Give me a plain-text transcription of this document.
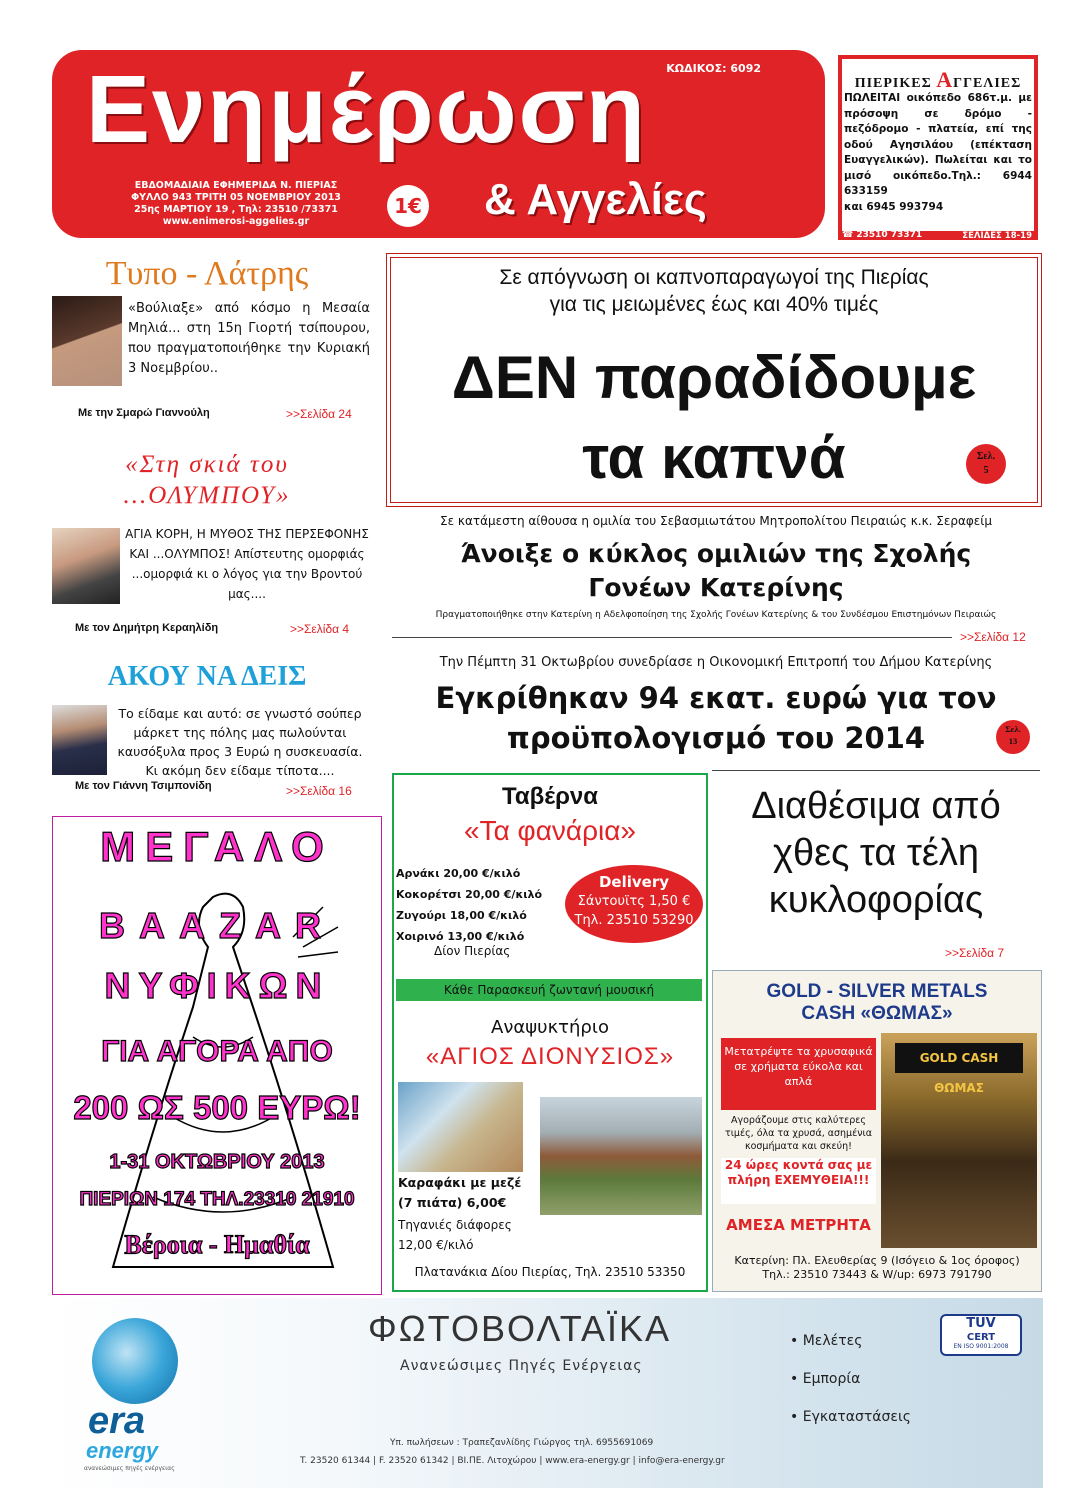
Ενημέρωση ΚΩΔΙΚΟΣ: 6092
ΕΒΔΟΜΑΔΙΑΙΑ ΕΦΗΜΕΡΙΔΑ Ν. ΠΙΕΡΙΑΣ
ΦΥΛΛΟ 943 ΤΡΙΤΗ 05 ΝΟΕΜΒΡΙΟΥ 2013
25ης ΜΑΡΤΙΟΥ 19 , Τηλ: 23510 /73371
www.enimerosi-aggelies.gr
1€ & Αγγελίες
ΠΙΕΡΙΚΕΣ ΑΓΓΕΛΙΕΣ
ΠΩΛΕΙΤΑΙ οικόπεδο 686τ.μ. με πρόσοψη σε δρόμο - πεζόδρομο - πλατεία, επί της οδού Αγησιλάου (επέκταση Ευαγγελικών). Πωλείται και το μισό οικόπεδο.Τηλ.: 6944 633159
και 6945 993794
☎ 23510 73371	ΣΕΛΙΔΕΣ 18-19
Τυπο - Λάτρης
«Βούλιαξε» από κόσμο η Μεσαία Μηλιά... στη 15η Γιορτή τσίπουρου, που πραγματοποιήθηκε την Κυριακή 3 Νοεμβρίου..
Με την Σμαρώ Γιαννούλη	>>Σελίδα 24
«Στη σκιά του
...ΟΛΥΜΠΟΥ»
ΑΓΙΑ ΚΟΡΗ, Η ΜΥΘΟΣ ΤΗΣ ΠΕΡΣΕΦΟΝΗΣ ΚΑΙ ...ΟΛΥΜΠΟΣ! Απίστευτης ομορφιάς ...ομορφιά κι ο λόγος για την Βροντού μας....
Με τον Δημήτρη Κεραηλίδη	>>Σελίδα 4
ΑΚΟΥ ΝΑ ΔΕΙΣ
Το είδαμε και αυτό: σε γνωστό σούπερ μάρκετ της πόλης μας πωλούνται καυσόξυλα προς 3 Ευρώ η συσκευασία. Κι ακόμη δεν είδαμε τίποτα....
Με τον Γιάννη Τσιμπονίδη	>>Σελίδα 16
ΜΕΓΑΛΟ
BAAZAR
ΝΥΦΙΚΩΝ
ΓΙΑ ΑΓΟΡΑ ΑΠΟ
200 ΩΣ 500 ΕΥΡΩ!
1-31 ΟΚΤΩΒΡΙΟΥ 2013
ΠΙΕΡΙΩΝ 174 ΤΗΛ.23310 21910
Βέροια - Ημαθία
Σε απόγνωση οι καπνοπαραγωγοί της Πιερίας
για τις μειωμένες έως και 40% τιμές
ΔΕΝ παραδίδουμε
τα καπνά	Σελ.
5
Σε κατάμεστη αίθουσα η ομιλία του Σεβασμιωτάτου Μητροπολίτου Πειραιώς κ.κ. Σεραφείμ
Άνοιξε ο κύκλος ομιλιών της Σχολής
Γονέων Κατερίνης
Πραγματοποιήθηκε στην Κατερίνη η Αδελφοποίηση της Σχολής Γονέων Κατερίνης & του Συνδέσμου Επιστημόνων Πειραιώς
>>Σελίδα 12
Την Πέμπτη 31 Οκτωβρίου συνεδρίασε η Οικονομική Επιτροπή του Δήμου Κατερίνης
Εγκρίθηκαν 94 εκατ. ευρώ για τον
προϋπολογισμό του 2014	Σελ.
13
Ταβέρνα
«Τα φανάρια»
Αρνάκι 20,00 €/κιλό
Κοκορέτσι 20,00 €/κιλό
Ζυγούρι 18,00 €/κιλό
Χοιρινό 13,00 €/κιλό
Δίον Πιερίας
Delivery
Σάντουϊτς 1,50 €
Τηλ. 23510 53290
Κάθε Παρασκευή ζωντανή μουσική
Αναψυκτήριο
«ΑΓΙΟΣ ΔΙΟΝΥΣΙΟΣ»
Καραφάκι με μεζέ (7 πιάτα) 6,00€
Τηγανιές διάφορες 12,00 €/κιλό
Πλατανάκια Δίου Πιερίας, Τηλ. 23510 53350
Διαθέσιμα από χθες τα τέλη κυκλοφορίας
>>Σελίδα 7
GOLD - SILVER METALS
CASH «ΘΩΜΑΣ»
GOLD CASH ΘΩΜΑΣ
Μετατρέψτε τα χρυσαφικά σε χρήματα εύκολα και απλά
Αγοράζουμε στις καλύτερες τιμές, όλα τα χρυσά, ασημένια κοσμήματα και σκεύη!
24 ώρες κοντά σας με πλήρη ΕΧΕΜΥΘΕΙΑ!!!
ΑΜΕΣΑ ΜΕΤΡΗΤΑ
Κατερίνη: Πλ. Ελευθερίας 9 (Ισόγειο & 1ος όροφος)
Τηλ.: 23510 73443 & W/up: 6973 791790
era
energy
ανανεώσιμες πηγές ενέργειας
ΦΩΤΟΒΟΛΤΑΪΚΑ
Ανανεώσιμες Πηγές Ενέργειας
• Μελέτες
• Εμπορία
• Εγκαταστάσεις
Υπ. πωλήσεων : Τραπεζανλίδης Γιώργος τηλ. 6955691069
T. 23520 61344 | F. 23520 61342 | ΒΙ.ΠΕ. Λιτοχώρου | www.era-energy.gr | info@era-energy.gr
TÜV
CERT
EN ISO 9001:2008
